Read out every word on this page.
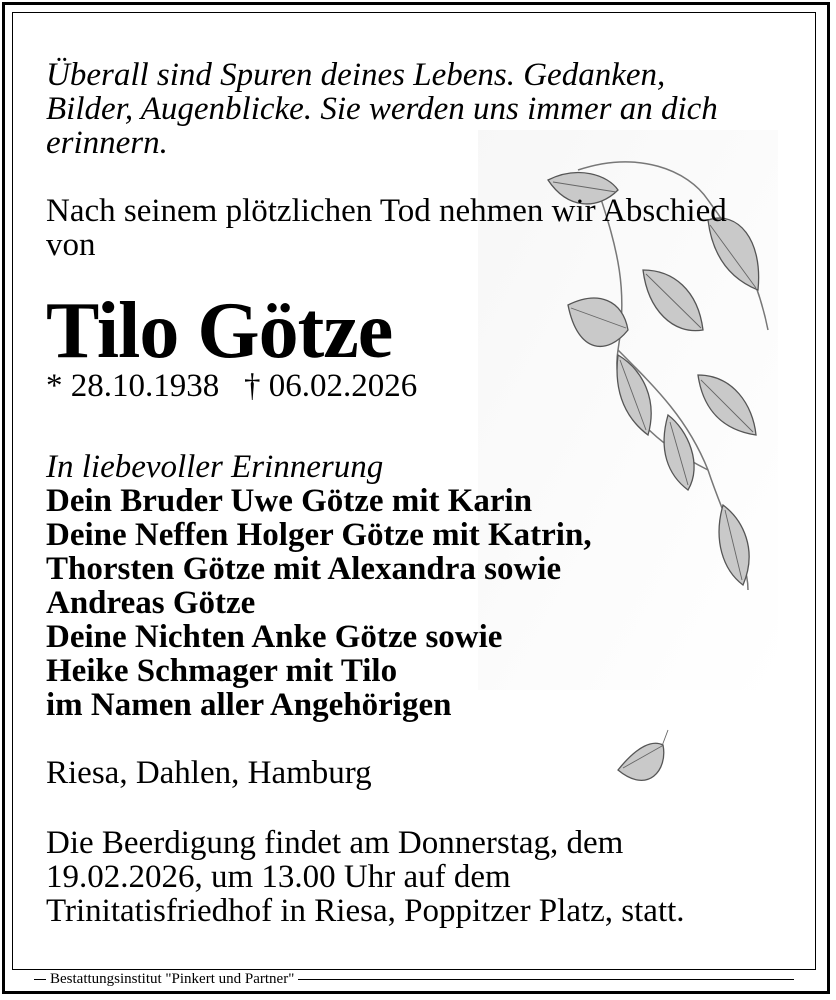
Überall sind Spuren deines Lebens. Gedanken,
Bilder, Augenblicke. Sie werden uns immer an dich
erinnern.
Nach seinem plötzlichen Tod nehmen wir Abschied
von
Tilo Götze
* 28.10.1938 † 06.02.2026
In liebevoller Erinnerung
Dein Bruder Uwe Götze mit Karin
Deine Neffen Holger Götze mit Katrin,
Thorsten Götze mit Alexandra sowie
Andreas Götze
Deine Nichten Anke Götze sowie
Heike Schmager mit Tilo
im Namen aller Angehörigen
Riesa, Dahlen, Hamburg
Die Beerdigung findet am Donnerstag, dem
19.02.2026, um 13.00 Uhr auf dem
Trinitatisfriedhof in Riesa, Poppitzer Platz, statt.
Bestattungsinstitut "Pinkert und Partner"
